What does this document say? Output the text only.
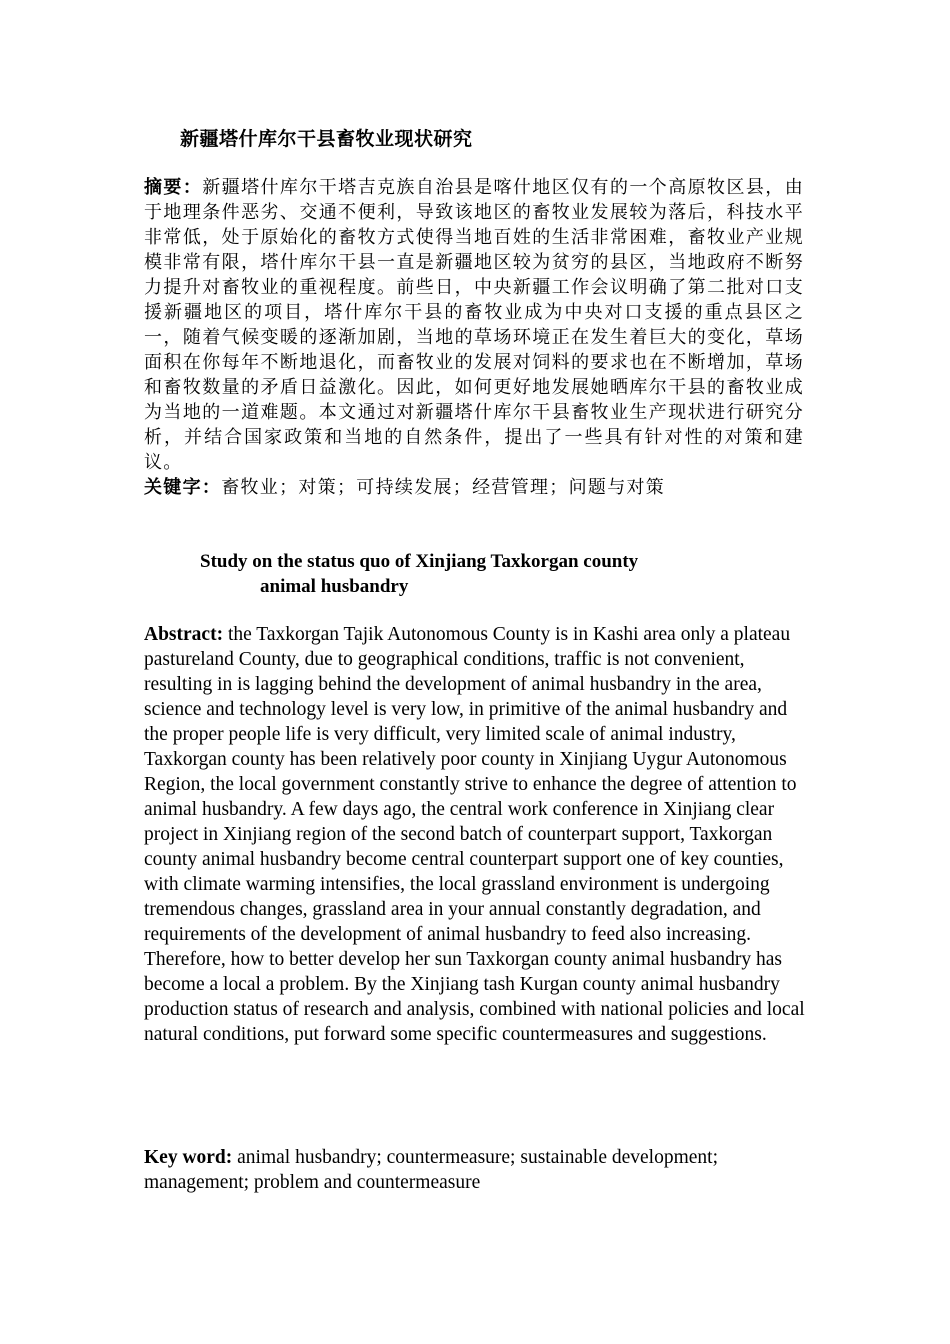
新疆塔什库尔干县畜牧业现状研究

摘要：新疆塔什库尔干塔吉克族自治县是喀什地区仅有的一个高原牧区县，由于地理条件恶劣、交通不便利，导致该地区的畜牧业发展较为落后，科技水平非常低，处于原始化的畜牧方式使得当地百姓的生活非常困难，畜牧业产业规模非常有限，塔什库尔干县一直是新疆地区较为贫穷的县区，当地政府不断努力提升对畜牧业的重视程度。前些日，中央新疆工作会议明确了第二批对口支援新疆地区的项目，塔什库尔干县的畜牧业成为中央对口支援的重点县区之一，随着气候变暖的逐渐加剧，当地的草场环境正在发生着巨大的变化，草场面积在你每年不断地退化，而畜牧业的发展对饲料的要求也在不断增加，草场和畜牧数量的矛盾日益激化。因此，如何更好地发展她晒库尔干县的畜牧业成为当地的一道难题。本文通过对新疆塔什库尔干县畜牧业生产现状进行研究分析，并结合国家政策和当地的自然条件，提出了一些具有针对性的对策和建议。

关键字：畜牧业；对策；可持续发展；经营管理；问题与对策

Study on the status quo of Xinjiang Taxkorgan county
animal husbandry

Abstract: the Taxkorgan Tajik Autonomous County is in Kashi area only a plateau pastureland County, due to geographical conditions, traffic is not convenient, resulting in is lagging behind the development of animal husbandry in the area, science and technology level is very low, in primitive of the animal husbandry and the proper people life is very difficult, very limited scale of animal industry, Taxkorgan county has been relatively poor county in Xinjiang Uygur Autonomous Region, the local government constantly strive to enhance the degree of attention to animal husbandry. A few days ago, the central work conference in Xinjiang clear project in Xinjiang region of the second batch of counterpart support, Taxkorgan county animal husbandry become central counterpart support one of key counties, with climate warming intensifies, the local grassland environment is undergoing tremendous changes, grassland area in your annual constantly degradation, and requirements of the development of animal husbandry to feed also increasing. Therefore, how to better develop her sun Taxkorgan county animal husbandry has become a local a problem. By the Xinjiang tash Kurgan county animal husbandry production status of research and analysis, combined with national policies and local natural conditions, put forward some specific countermeasures and suggestions.

Key word: animal husbandry; countermeasure; sustainable development; management; problem and countermeasure
